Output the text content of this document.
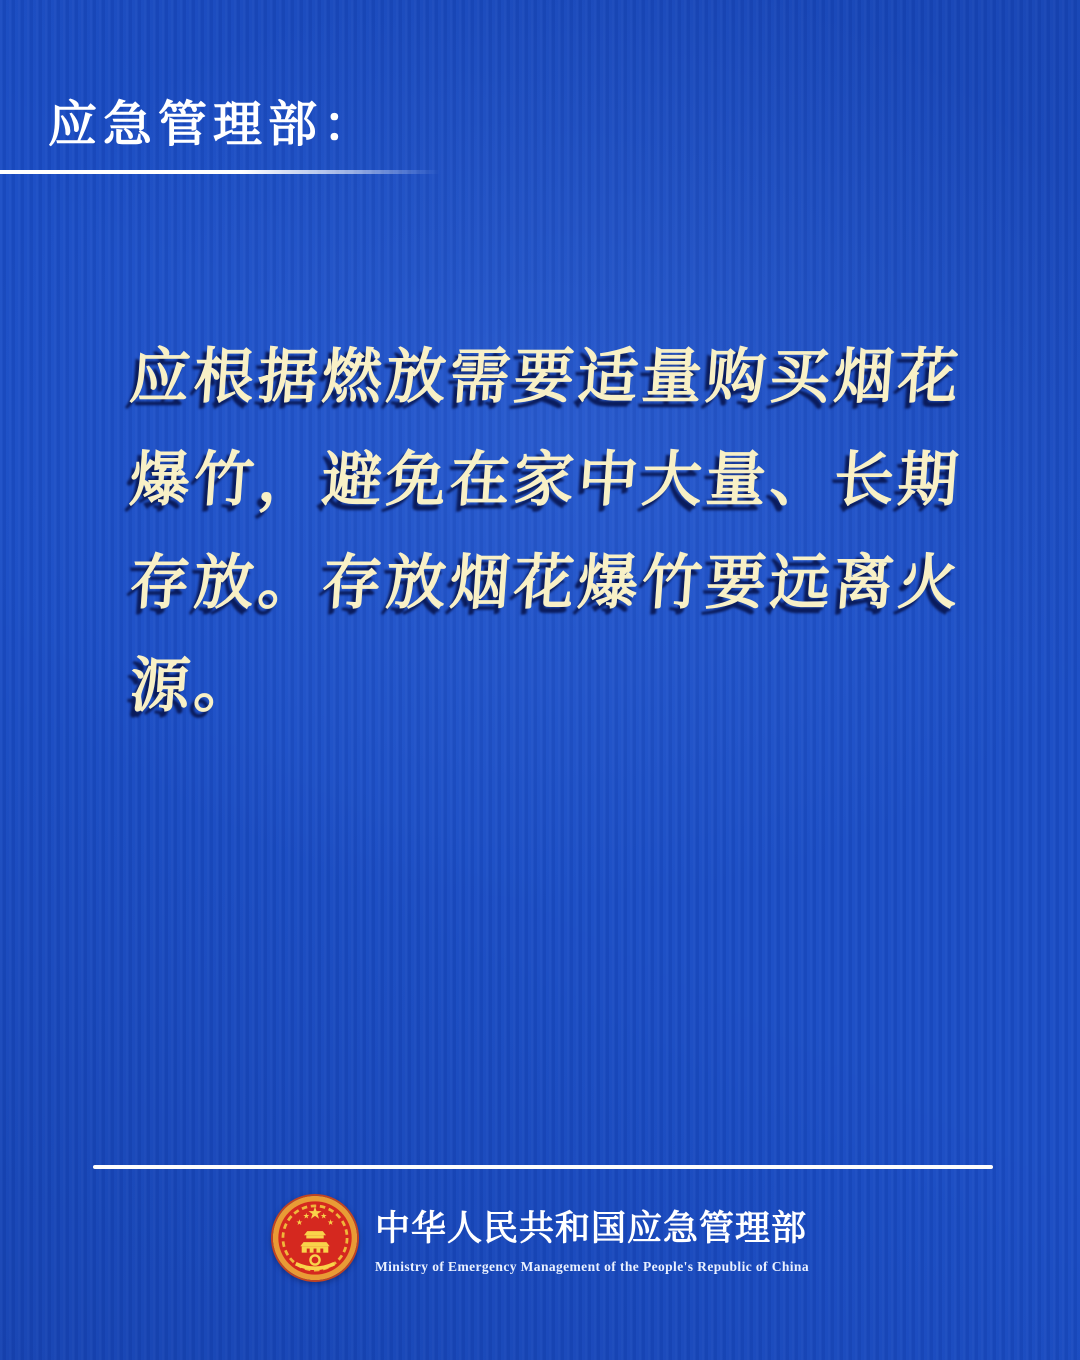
应急管理部：

应根据燃放需要适量购买烟花

爆竹，避免在家中大量、长期

存放。存放烟花爆竹要远离火

源。

中华人民共和国应急管理部
Ministry of Emergency Management of the People's Republic of China
